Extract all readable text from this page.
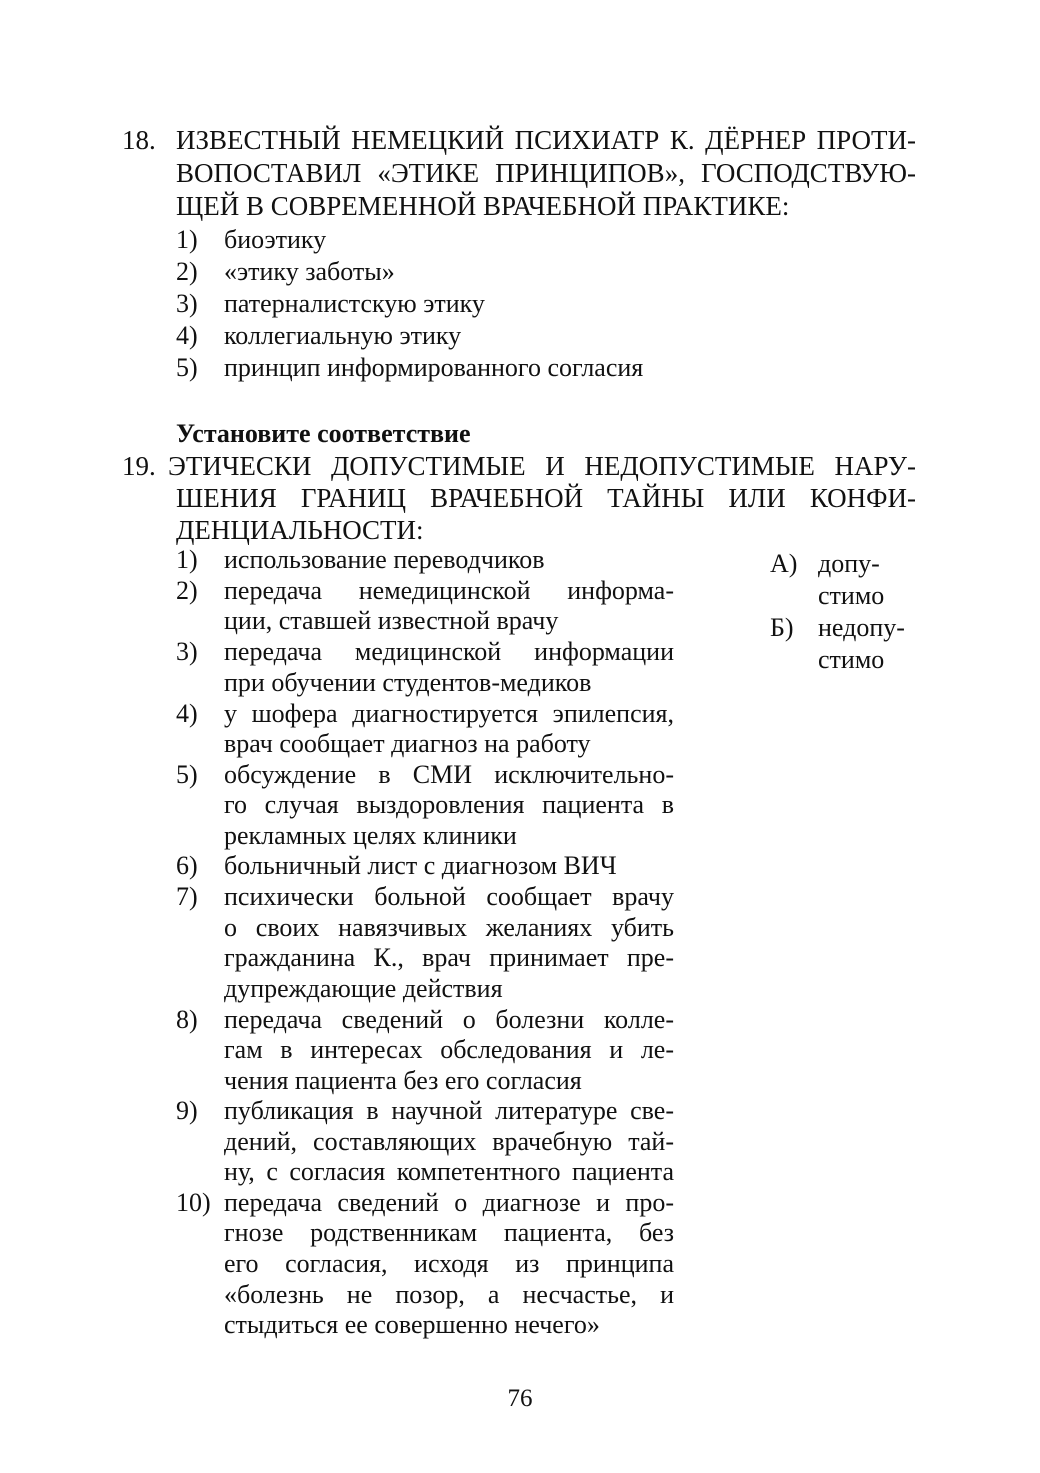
18. ИЗВЕСТНЫЙ НЕМЕЦКИЙ ПСИХИАТР К. ДЁРНЕР ПРОТИ-
ВОПОСТАВИЛ «ЭТИКЕ ПРИНЦИПОВ», ГОСПОДСТВУЮ-
ЩЕЙ В СОВРЕМЕННОЙ ВРАЧЕБНОЙ ПРАКТИКЕ:
1) биоэтику
2) «этику заботы»
3) патерналистскую этику
4) коллегиальную этику
5) принцип информированного согласия
Установите соответствие
19. ЭТИЧЕСКИ ДОПУСТИМЫЕ И НЕДОПУСТИМЫЕ НАРУ-
ШЕНИЯ ГРАНИЦ ВРАЧЕБНОЙ ТАЙНЫ ИЛИ КОНФИ-
ДЕНЦИАЛЬНОСТИ:
1) использование переводчиков
2) передача немедицинской информа-
ции, ставшей известной врачу
3) передача медицинской информации
при обучении студентов-медиков
4) у шофера диагностируется эпилепсия,
врач сообщает диагноз на работу
5) обсуждение в СМИ исключительно-
го случая выздоровления пациента в
рекламных целях клиники
6) больничный лист с диагнозом ВИЧ
7) психически больной сообщает врачу
о своих навязчивых желаниях убить
гражданина К., врач принимает пре-
дупреждающие действия
8) передача сведений о болезни колле-
гам в интересах обследования и ле-
чения пациента без его согласия
9) публикация в научной литературе све-
дений, составляющих врачебную тай-
ну, с согласия компетентного пациента
10) передача сведений о диагнозе и про-
гнозе родственникам пациента, без
его согласия, исходя из принципа
«болезнь не позор, а несчастье, и
стыдиться ее совершенно нечего»
А) допу-
стимо
Б) недопу-
стимо
76
